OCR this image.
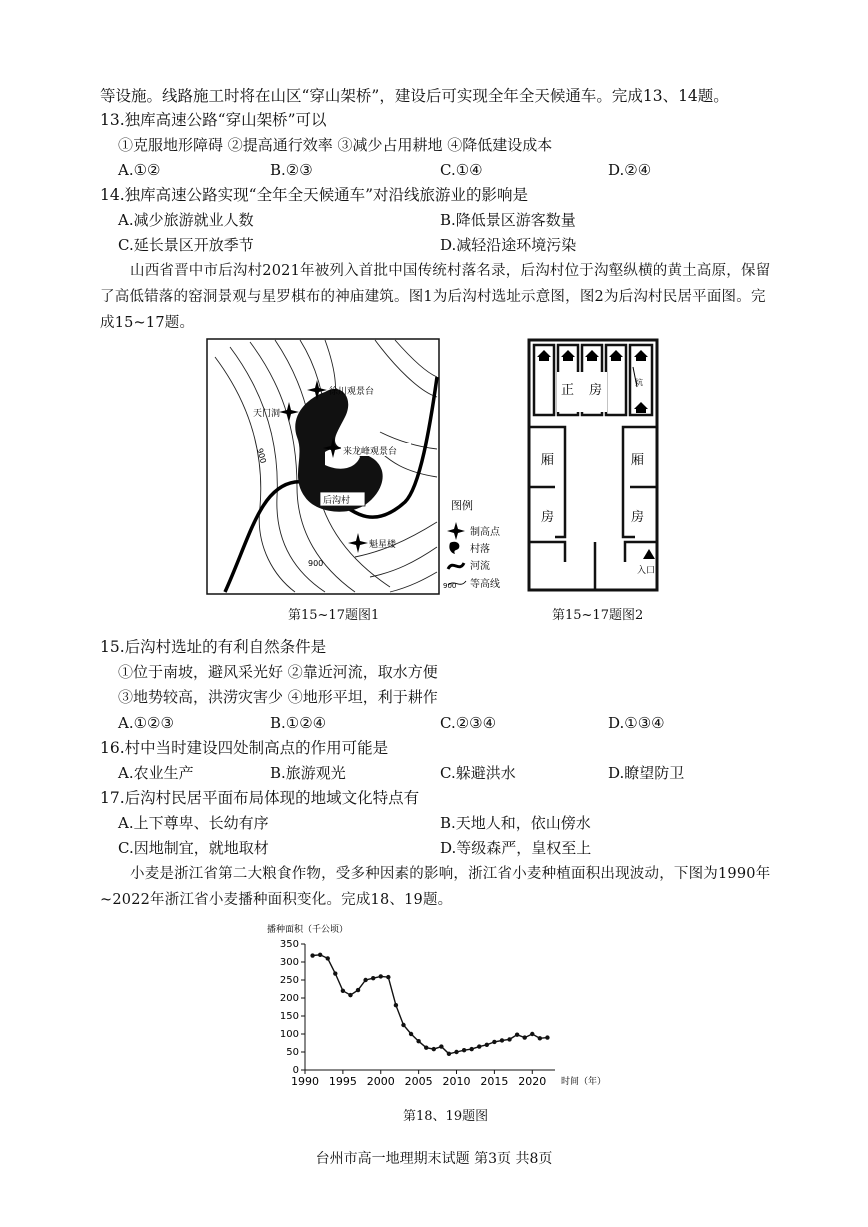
等设施。线路施工时将在山区“穿山架桥”，建设后可实现全年全天候通车。完成13、14题。
13.独库高速公路“穿山架桥”可以
①克服地形障碍 ②提高通行效率 ③减少占用耕地 ④降低建设成本
A.①②	B.②③	C.①④	D.②④
14.独库高速公路实现“全年全天候通车”对沿线旅游业的影响是
A.减少旅游就业人数	B.降低景区游客数量
C.延长景区开放季节	D.减轻沿途环境污染
山西省晋中市后沟村2021年被列入首批中国传统村落名录，后沟村位于沟壑纵横的黄土高原，保留了高低错落的窑洞景观与星罗棋布的神庙建筑。图1为后沟村选址示意图，图2为后沟村民居平面图。完成15~17题。
后沟村
徐川观景台
天门洞
来龙峰观景台
魁星楼
900
900
图例
制高点
村落
河流
900 等高线
第15~17题图1
正 房
炕
厢
房
厢
房
入口
第15~17题图2
15.后沟村选址的有利自然条件是
①位于南坡，避风采光好 ②靠近河流，取水方便
③地势较高，洪涝灾害少 ④地形平坦，利于耕作
A.①②③	B.①②④	C.②③④	D.①③④
16.村中当时建设四处制高点的作用可能是
A.农业生产	B.旅游观光	C.躲避洪水	D.瞭望防卫
17.后沟村民居平面布局体现的地域文化特点有
A.上下尊卑、长幼有序	B.天地人和，依山傍水
C.因地制宜，就地取材	D.等级森严，皇权至上
小麦是浙江省第二大粮食作物，受多种因素的影响，浙江省小麦种植面积出现波动，下图为1990年~2022年浙江省小麦播种面积变化。完成18、19题。
播种面积（千公顷）
时间（年）
0
50
100
150
200
250
300
350
1990 1995 2000 2005 2010 2015 2020
第18、19题图
台州市高一地理期末试题 第3页 共8页
